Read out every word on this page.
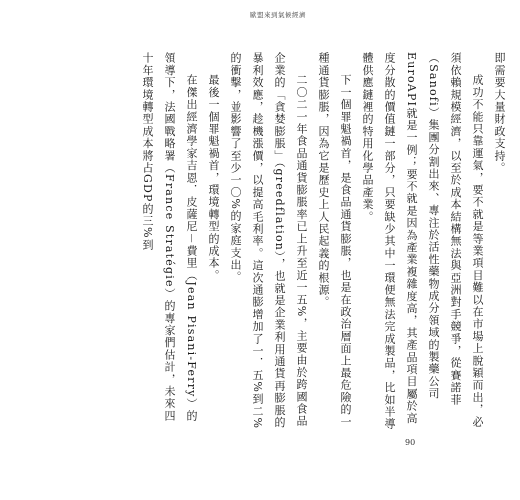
歐盟來到氣候經濟

即需要大量財政支持。

成功不能只靠運氣，要不就是等業項目難以在市場上脫穎而出，必須依賴規模經濟，以至於成本結構無法與亞洲對手競爭，從賽諾菲（Sanofi）集團分割出來、專注於活性藥物成分領域的製藥公司EuroAPI就是一例；要不就是因為產業複雜度高，其產品項目屬於高度分散的價值鏈一部分，只要缺少其中一環便無法完成製品，比如半導體供應鏈裡的特用化學品產業。

下一個罪魁禍首，是食品通貨膨脹，也是在政治層面上最危險的一種通貨膨脹，因為它是歷史上人民起義的根源。

二〇二一年食品通貨膨脹率已上升至近一五%，主要由於跨國食品企業的「貪婪膨脹」（greedflation），也就是企業利用通貨再膨脹的暴利效應，趁機漲價，以提高毛利率。這次通膨增加了一．五%到二%的衝擊，並影響了至少一〇%的家庭支出。

最後一個罪魁禍首，環境轉型的成本。

在傑出經濟學家吉恩．皮薩尼－費里（Jean Pisani-Ferry）的領導下，法國戰略署（France Stratégie）的專家們估計，未來四十年環境轉型成本將占GDP的三%到

90
